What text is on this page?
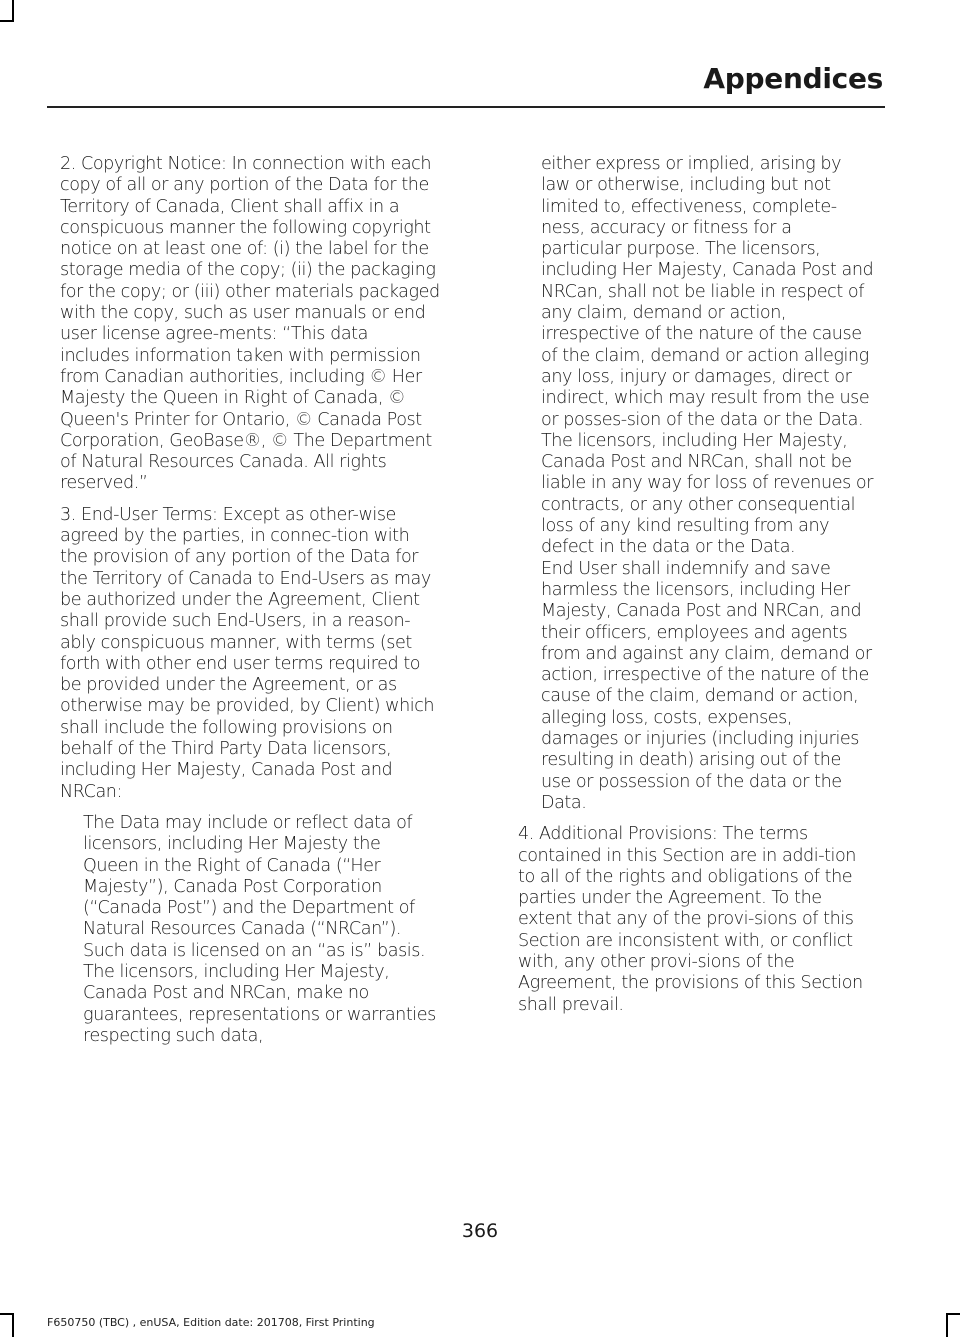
Appendices

2. Copyright Notice: In connection with each copy of all or any portion of the Data for the Territory of Canada, Client shall affix in a conspicuous manner the following copyright notice on at least one of: (i) the label for the storage media of the copy; (ii) the packaging for the copy; or (iii) other materials packaged with the copy, such as user manuals or end user license agree-ments: “This data includes information taken with permission from Canadian authorities, including © Her Majesty the Queen in Right of Canada, © Queen's Printer for Ontario, © Canada Post Corporation, GeoBase®, © The Department of Natural Resources Canada. All rights reserved.”

3. End-User Terms: Except as other-wise agreed by the parties, in connec-tion with the provision of any portion of the Data for the Territory of Canada to End-Users as may be authorized under the Agreement, Client shall provide such End-Users, in a reason-ably conspicuous manner, with terms (set forth with other end user terms required to be provided under the Agreement, or as otherwise may be provided, by Client) which shall include the following provisions on behalf of the Third Party Data licensors, including Her Majesty, Canada Post and NRCan:

The Data may include or reflect data of licensors, including Her Majesty the Queen in the Right of Canada (“Her Majesty”), Canada Post Corporation (“Canada Post”) and the Department of Natural Resources Canada (“NRCan”). Such data is licensed on an “as is” basis. The licensors, including Her Majesty, Canada Post and NRCan, make no guarantees, representations or warranties respecting such data,

either express or implied, arising by law or otherwise, including but not limited to, effectiveness, complete-ness, accuracy or fitness for a particular purpose. The licensors, including Her Majesty, Canada Post and NRCan, shall not be liable in respect of any claim, demand or action, irrespective of the nature of the cause of the claim, demand or action alleging any loss, injury or damages, direct or indirect, which may result from the use or posses-sion of the data or the Data. The licensors, including Her Majesty, Canada Post and NRCan, shall not be liable in any way for loss of revenues or contracts, or any other consequential loss of any kind resulting from any defect in the data or the Data.

End User shall indemnify and save harmless the licensors, including Her Majesty, Canada Post and NRCan, and their officers, employees and agents from and against any claim, demand or action, irrespective of the nature of the cause of the claim, demand or action, alleging loss, costs, expenses, damages or injuries (including injuries resulting in death) arising out of the use or possession of the data or the Data.

4. Additional Provisions: The terms contained in this Section are in addi-tion to all of the rights and obligations of the parties under the Agreement. To the extent that any of the provi-sions of this Section are inconsistent with, or conflict with, any other provi-sions of the Agreement, the provisions of this Section shall prevail.

366
F650750 (TBC) , enUSA, Edition date: 201708, First Printing
